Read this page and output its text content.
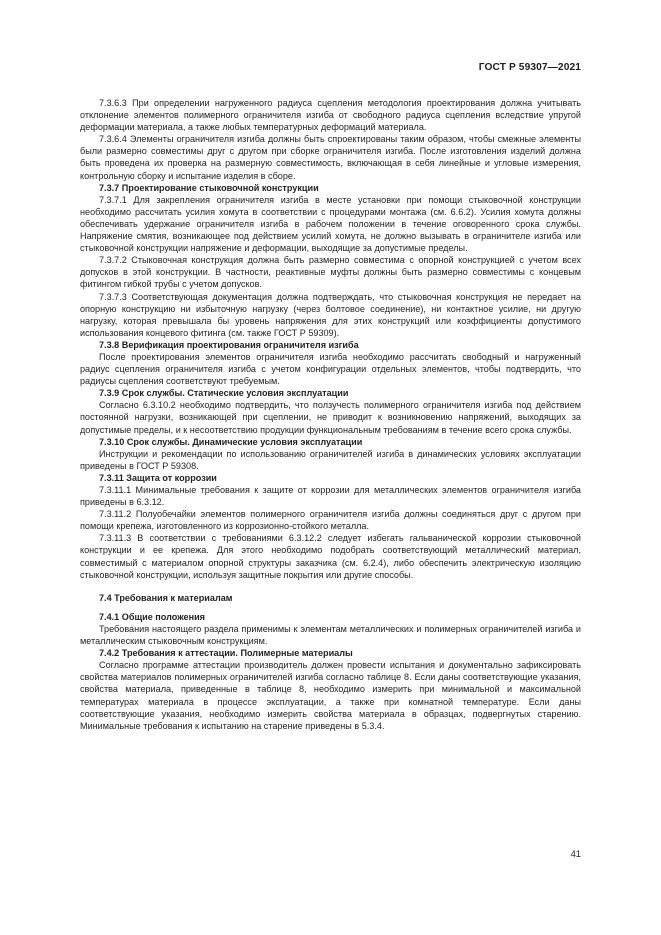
ГОСТ Р 59307—2021

7.3.6.3 При определении нагруженного радиуса сцепления методология проектирования должна учитывать отклонение элементов полимерного ограничителя изгиба от свободного радиуса сцепления вследствие упругой деформации материала, а также любых температурных деформаций материала.

7.3.6.4 Элементы ограничителя изгиба должны быть спроектированы таким образом, чтобы смежные элементы были размерно совместимы друг с другом при сборке ограничителя изгиба. После изготовления изделий должна быть проведена их проверка на размерную совместимость, включающая в себя линейные и угловые измерения, контрольную сборку и испытание изделия в сборе.

7.3.7 Проектирование стыковочной конструкции

7.3.7.1 Для закрепления ограничителя изгиба в месте установки при помощи стыковочной конструкции необходимо рассчитать усилия хомута в соответствии с процедурами монтажа (см. 6.6.2). Усилия хомута должны обеспечивать удержание ограничителя изгиба в рабочем положении в течение оговоренного срока службы. Напряжение смятия, возникающее под действием усилий хомута, не должно вызывать в ограничителе изгиба или стыковочной конструкции напряжение и деформации, выходящие за допустимые пределы.

7.3.7.2 Стыковочная конструкция должна быть размерно совместима с опорной конструкцией с учетом всех допусков в этой конструкции. В частности, реактивные муфты должны быть размерно совместимы с концевым фитингом гибкой трубы с учетом допусков.

7.3.7.3 Соответствующая документация должна подтверждать, что стыковочная конструкция не передает на опорную конструкцию ни избыточную нагрузку (через болтовое соединение), ни контактное усилие, ни другую нагрузку, которая превышала бы уровень напряжения для этих конструкций или коэффициенты допустимого использования концевого фитинга (см. также ГОСТ Р 59309).

7.3.8 Верификация проектирования ограничителя изгиба

После проектирования элементов ограничителя изгиба необходимо рассчитать свободный и нагруженный радиус сцепления ограничителя изгиба с учетом конфигурации отдельных элементов, чтобы подтвердить, что радиусы сцепления соответствуют требуемым.

7.3.9 Срок службы. Статические условия эксплуатации

Согласно 6.3.10.2 необходимо подтвердить, что ползучесть полимерного ограничителя изгиба под действием постоянной нагрузки, возникающей при сцеплении, не приводит к возникновению напряжений, выходящих за допустимые пределы, и к несоответствию продукции функциональным требованиям в течение всего срока службы.

7.3.10 Срок службы. Динамические условия эксплуатации

Инструкции и рекомендации по использованию ограничителей изгиба в динамических условиях эксплуатации приведены в ГОСТ Р 59308.

7.3.11 Защита от коррозии

7.3.11.1 Минимальные требования к защите от коррозии для металлических элементов ограничителя изгиба приведены в 6.3.12.

7.3.11.2 Полуобечайки элементов полимерного ограничителя изгиба должны соединяться друг с другом при помощи крепежа, изготовленного из коррозионно-стойкого металла.

7.3.11.3 В соответствии с требованиями 6.3.12.2 следует избегать гальванической коррозии стыковочной конструкции и ее крепежа. Для этого необходимо подобрать соответствующий металлический материал, совместимый с материалом опорной структуры заказчика (см. 6.2.4), либо обеспечить электрическую изоляцию стыковочной конструкции, используя защитные покрытия или другие способы.

7.4 Требования к материалам

7.4.1 Общие положения

Требования настоящего раздела применимы к элементам металлических и полимерных ограничителей изгиба и металлическим стыковочным конструкциям.

7.4.2 Требования к аттестации. Полимерные материалы

Согласно программе аттестации производитель должен провести испытания и документально зафиксировать свойства материалов полимерных ограничителей изгиба согласно таблице 8. Если даны соответствующие указания, свойства материала, приведенные в таблице 8, необходимо измерить при минимальной и максимальной температурах материала в процессе эксплуатации, а также при комнатной температуре. Если даны соответствующие указания, необходимо измерить свойства материала в образцах, подвергнутых старению. Минимальные требования к испытанию на старение приведены в 5.3.4.

41
